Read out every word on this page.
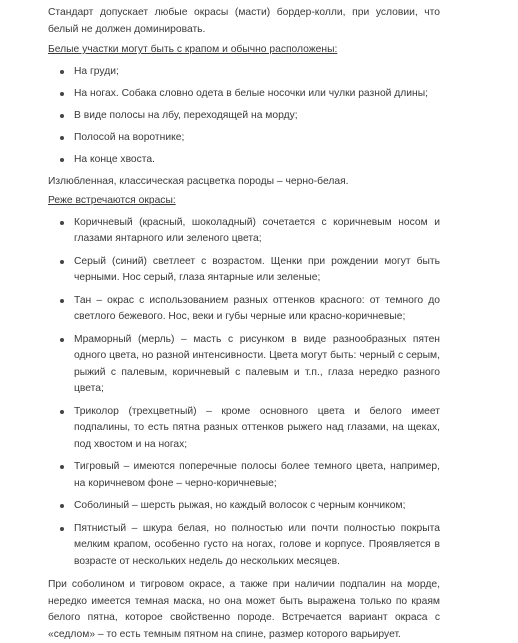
Стандарт допускает любые окрасы (масти) бордер-колли, при условии, что белый не должен доминировать.

Белые участки могут быть с крапом и обычно расположены:

На груди;
На ногах. Собака словно одета в белые носочки или чулки разной длины;
В виде полосы на лбу, переходящей на морду;
Полосой на воротнике;
На конце хвоста.

Излюбленная, классическая расцветка породы – черно-белая.

Реже встречаются окрасы:

Коричневый (красный, шоколадный) сочетается с коричневым носом и глазами янтарного или зеленого цвета;
Серый (синий) светлеет с возрастом. Щенки при рождении могут быть черными. Нос серый, глаза янтарные или зеленые;
Тан – окрас с использованием разных оттенков красного: от темного до светлого бежевого. Нос, веки и губы черные или красно-коричневые;
Мраморный (мерль) – масть с рисунком в виде разнообразных пятен одного цвета, но разной интенсивности. Цвета могут быть: черный с серым, рыжий с палевым, коричневый с палевым и т.п., глаза нередко разного цвета;
Триколор (трехцветный) – кроме основного цвета и белого имеет подпалины, то есть пятна разных оттенков рыжего над глазами, на щеках, под хвостом и на ногах;
Тигровый – имеются поперечные полосы более темного цвета, например, на коричневом фоне – черно-коричневые;
Соболиный – шерсть рыжая, но каждый волосок с черным кончиком;
Пятнистый – шкура белая, но полностью или почти полностью покрыта мелким крапом, особенно густо на ногах, голове и корпусе. Проявляется в возрасте от нескольких недель до нескольких месяцев.

При соболином и тигровом окрасе, а также при наличии подпалин на морде, нередко имеется темная маска, но она может быть выражена только по краям белого пятна, которое свойственно породе. Встречается вариант окраса с «седлом» – то есть темным пятном на спине, размер которого варьирует.
